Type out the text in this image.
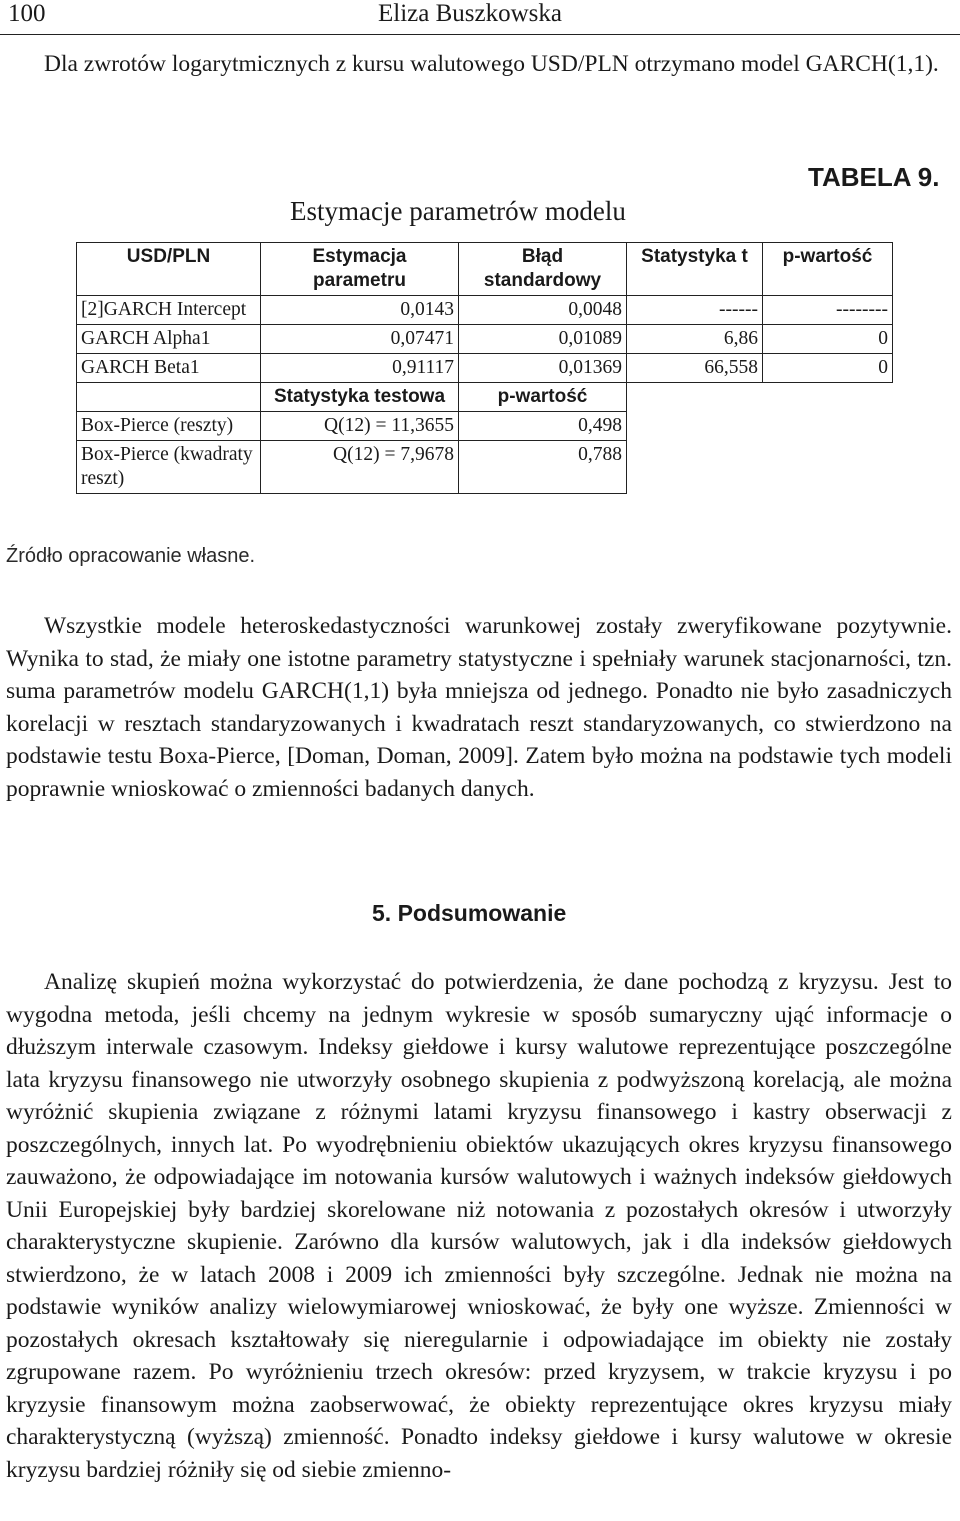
100	Eliza Buszkowska

Dla zwrotów logarytmicznych z kursu walutowego USD/PLN otrzymano model GARCH(1,1).

TABELA 9.
Estymacje parametrów modelu
USD/PLN	Estymacja parametru	Błąd standardowy	Statystyka t	p-wartość
[2]GARCH Intercept	0,0143	0,0048	------	--------
GARCH Alpha1	0,07471	0,01089	6,86	0
GARCH Beta1	0,91117	0,01369	66,558	0
	Statystyka testowa	p-wartość		
Box-Pierce (reszty)	Q(12) = 11,3655	0,498		
Box-Pierce (kwadraty reszt)	Q(12) = 7,9678	0,788		
Źródło opracowanie własne.

Wszystkie modele heteroskedastyczności warunkowej zostały zweryfikowane pozytywnie. Wynika to stad, że miały one istotne parametry statystyczne i spełniały warunek stacjonarności, tzn. suma parametrów modelu GARCH(1,1) była mniejsza od jednego. Ponadto nie było zasadniczych korelacji w resztach standaryzowanych i kwadratach reszt standaryzowanych, co stwierdzono na podstawie testu Boxa-Pierce, [Doman, Doman, 2009]. Zatem było można na podstawie tych modeli poprawnie wnioskować o zmienności badanych danych.

5. Podsumowanie

Analizę skupień można wykorzystać do potwierdzenia, że dane pochodzą z kryzysu. Jest to wygodna metoda, jeśli chcemy na jednym wykresie w sposób sumaryczny ująć informacje o dłuższym interwale czasowym. Indeksy giełdowe i kursy walutowe reprezentujące poszczególne lata kryzysu finansowego nie utworzyły osobnego skupienia z podwyższoną korelacją, ale można wyróżnić skupienia związane z różnymi latami kryzysu finansowego i kastry obserwacji z poszczególnych, innych lat. Po wyodrębnieniu obiektów ukazujących okres kryzysu finansowego zauważono, że odpowiadające im notowania kursów walutowych i ważnych indeksów giełdowych Unii Europejskiej były bardziej skorelowane niż notowania z pozostałych okresów i utworzyły charakterystyczne skupienie. Zarówno dla kursów walutowych, jak i dla indeksów giełdowych stwierdzono, że w latach 2008 i 2009 ich zmienności były szczególne. Jednak nie można na podstawie wyników analizy wielowymiarowej wnioskować, że były one wyższe. Zmienności w pozostałych okresach kształtowały się nieregularnie i odpowiadające im obiekty nie zostały zgrupowane razem. Po wyróżnieniu trzech okresów: przed kryzysem, w trakcie kryzysu i po kryzysie finansowym można zaobserwować, że obiekty reprezentujące okres kryzysu miały charakterystyczną (wyższą) zmienność. Ponadto indeksy giełdowe i kursy walutowe w okresie kryzysu bardziej różniły się od siebie zmienno-
